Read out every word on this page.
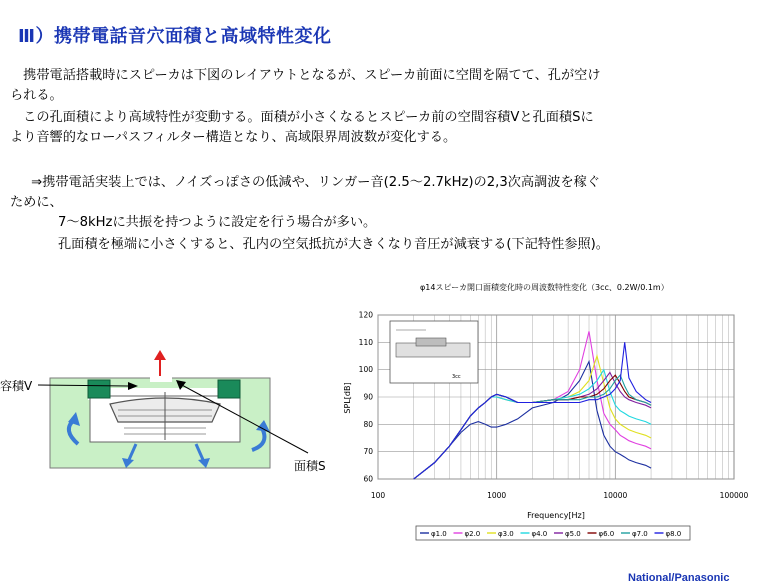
Ⅲ）携帯電話音穴面積と高域特性変化
　携帯電話搭載時にスピーカは下図のレイアウトとなるが、スピーカ前面に空間を隔てて、孔が空け
られる。
　この孔面積により高域特性が変動する。面積が小さくなるとスピーカ前の空間容積Vと孔面積Sに
より音響的なローパスフィルター構造となり、高域限界周波数が変化する。
　⇒携帯電話実装上では、ノイズっぽさの低減や、リンガー音(2.5〜2.7kHz)の2,3次高調波を稼ぐ
ために、
7〜8kHzに共振を持つように設定を行う場合が多い。
孔面積を極端に小さくすると、孔内の空気抵抗が大きくなり音圧が減衰する(下記特性参照)。
容積V
面積S
φ14スピーカ開口面積変化時の周波数特性変化（3cc、0.2W/0.1m）
100	1000	10000	100000
60
70
80
90
100
110
120
SPL[dB]
Frequency[Hz]
3cc
φ1.0	φ2.0	φ3.0	φ4.0	φ5.0	φ6.0	φ7.0	φ8.0
National/Panasonic
